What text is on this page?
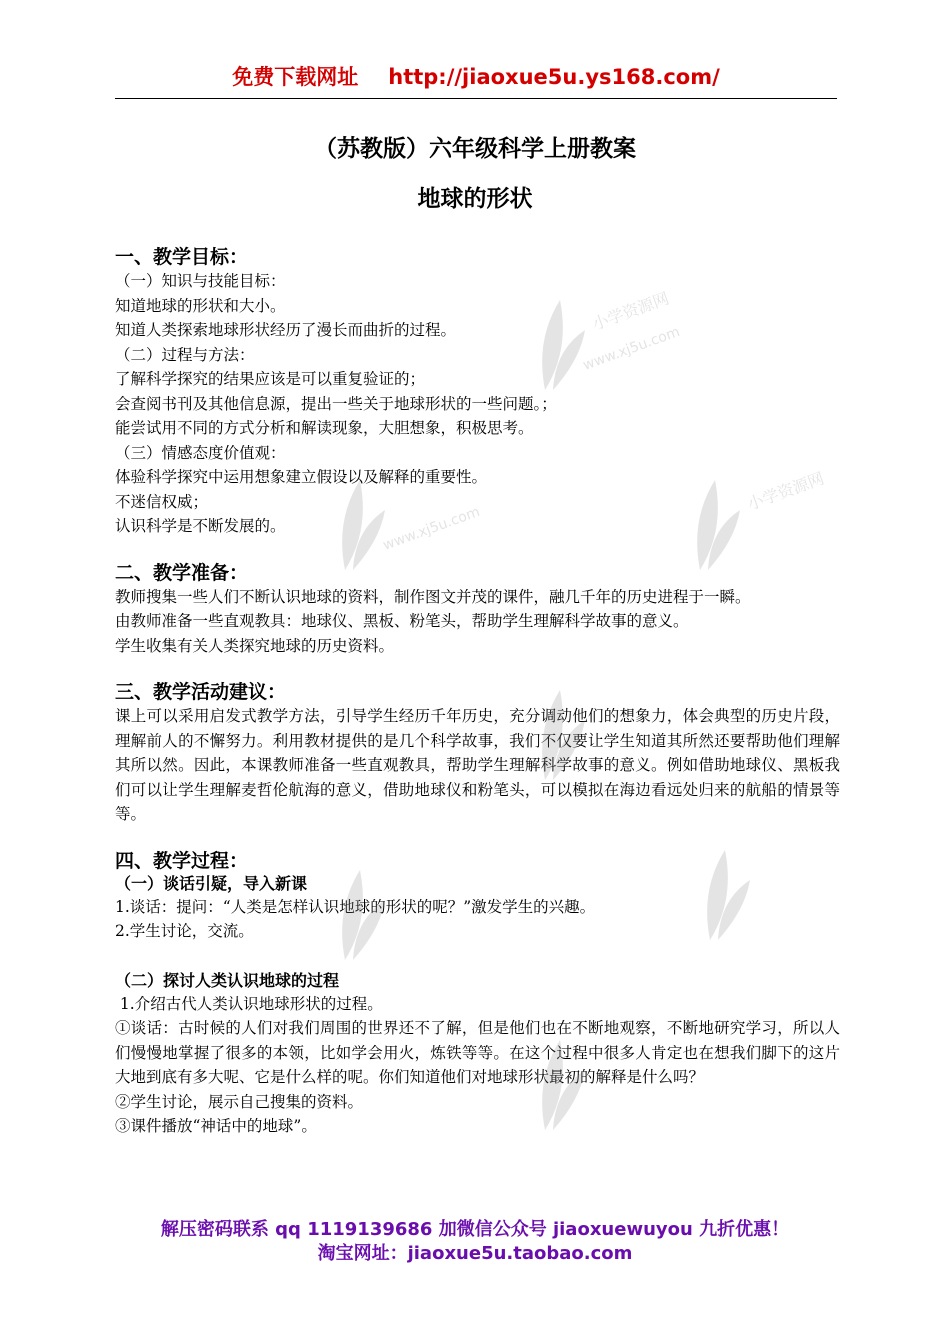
免费下载网址 http://jiaoxue5u.ys168.com/
（苏教版）六年级科学上册教案
地球的形状
一、教学目标：
（一）知识与技能目标：
知道地球的形状和大小。
知道人类探索地球形状经历了漫长而曲折的过程。
（二）过程与方法：
了解科学探究的结果应该是可以重复验证的；
会查阅书刊及其他信息源，提出一些关于地球形状的一些问题。；
能尝试用不同的方式分析和解读现象，大胆想象，积极思考。
（三）情感态度价值观：
体验科学探究中运用想象建立假设以及解释的重要性。
不迷信权威；
认识科学是不断发展的。
二、教学准备：
教师搜集一些人们不断认识地球的资料，制作图文并茂的课件，融几千年的历史进程于一瞬。
由教师准备一些直观教具：地球仪、黑板、粉笔头，帮助学生理解科学故事的意义。
学生收集有关人类探究地球的历史资料。
三、教学活动建议：
课上可以采用启发式教学方法，引导学生经历千年历史，充分调动他们的想象力，体会典型的历史片段，理解前人的不懈努力。利用教材提供的是几个科学故事，我们不仅要让学生知道其所然还要帮助他们理解其所以然。因此，本课教师准备一些直观教具，帮助学生理解科学故事的意义。例如借助地球仪、黑板我们可以让学生理解麦哲伦航海的意义，借助地球仪和粉笔头，可以模拟在海边看远处归来的航船的情景等等。
四、教学过程：
（一）谈话引疑，导入新课
1.谈话：提问：“人类是怎样认识地球的形状的呢？”激发学生的兴趣。
2.学生讨论，交流。
（二）探讨人类认识地球的过程
1.介绍古代人类认识地球形状的过程。
①谈话：古时候的人们对我们周围的世界还不了解，但是他们也在不断地观察，不断地研究学习，所以人们慢慢地掌握了很多的本领，比如学会用火，炼铁等等。在这个过程中很多人肯定也在想我们脚下的这片大地到底有多大呢、它是什么样的呢。你们知道他们对地球形状最初的解释是什么吗？
②学生讨论，展示自己搜集的资料。
③课件播放“神话中的地球”。
小学资源网
www.xj5u.com
www.xj5u.com
小学资源网
解压密码联系 qq 1119139686 加微信公众号 jiaoxuewuyou 九折优惠！
淘宝网址：jiaoxue5u.taobao.com
